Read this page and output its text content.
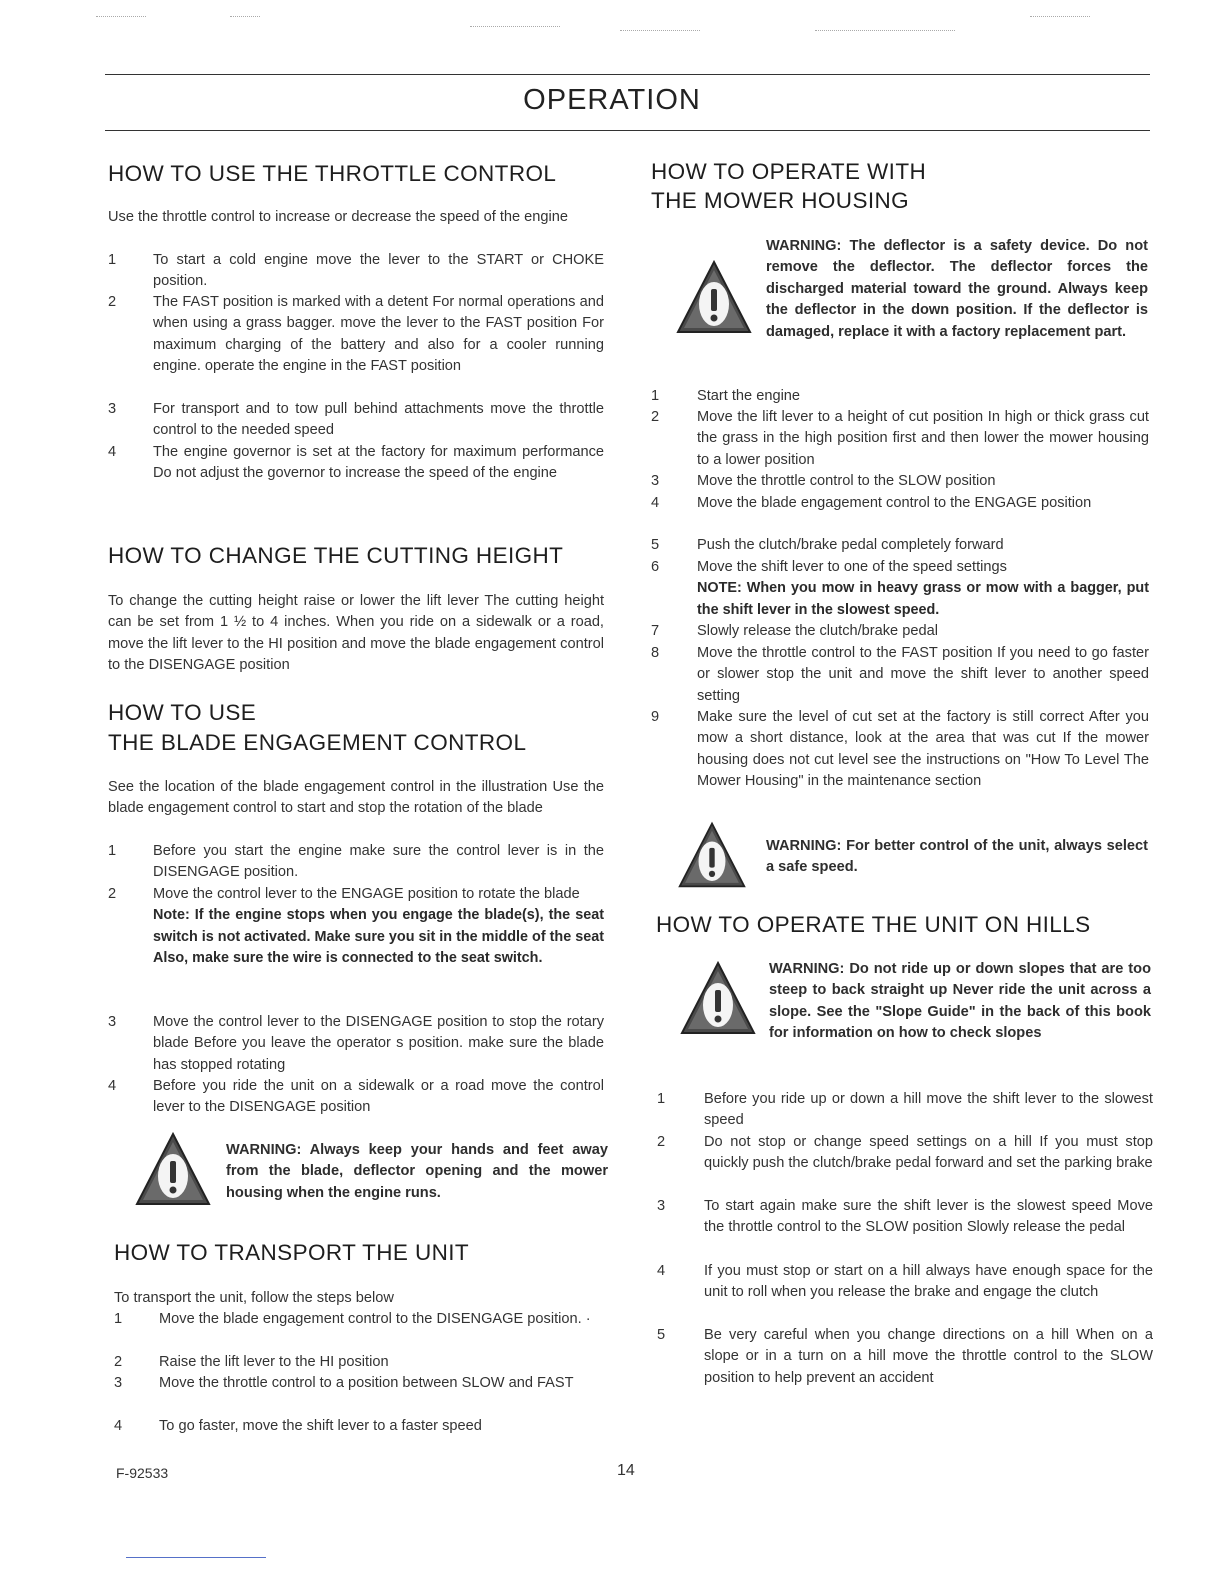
OPERATION
HOW TO USE THE THROTTLE CONTROL

Use the throttle control to increase or decrease the speed of the engine

1	To start a cold engine move the lever to the START or CHOKE position.
2	The FAST position is marked with a detent For normal operations and when using a grass bagger. move the lever to the FAST position For maximum charging of the battery and also for a cooler running engine. operate the engine in the FAST position
3	For transport and to tow pull behind attachments move the throttle control to the needed speed
4	The engine governor is set at the factory for maximum performance Do not adjust the governor to increase the speed of the engine
HOW TO CHANGE THE CUTTING HEIGHT

To change the cutting height raise or lower the lift lever The cutting height can be set from 1 ½ to 4 inches. When you ride on a sidewalk or a road, move the lift lever to the HI position and move the blade engagement control to the DISENGAGE position

HOW TO USE
THE BLADE ENGAGEMENT CONTROL

See the location of the blade engagement control in the illustration Use the blade engagement control to start and stop the rotation of the blade

1	Before you start the engine make sure the control lever is in the DISENGAGE position.
2	Move the control lever to the ENGAGE position to rotate the blade
Note: If the engine stops when you engage the blade(s), the seat switch is not activated. Make sure you sit in the middle of the seat Also, make sure the wire is connected to the seat switch.
3	Move the control lever to the DISENGAGE position to stop the rotary blade Before you leave the operator s position. make sure the blade has stopped rotating
4	Before you ride the unit on a sidewalk or a road move the control lever to the DISENGAGE position
WARNING: Always keep your hands and feet away from the blade, deflector opening and the mower housing when the engine runs.
HOW TO TRANSPORT THE UNIT

To transport the unit, follow the steps below

1	Move the blade engagement control to the DISENGAGE position. ·
2	Raise the lift lever to the HI position
3	Move the throttle control to a position between SLOW and FAST
4	To go faster, move the shift lever to a faster speed
HOW TO OPERATE WITH
THE MOWER HOUSING
WARNING: The deflector is a safety device. Do not remove the deflector. The deflector forces the discharged material toward the ground. Always keep the deflector in the down position. If the deflector is damaged, replace it with a factory replacement part.
1	Start the engine
2	Move the lift lever to a height of cut position In high or thick grass cut the grass in the high position first and then lower the mower housing to a lower position
3	Move the throttle control to the SLOW position
4	Move the blade engagement control to the ENGAGE position
5	Push the clutch/brake pedal completely forward
6	Move the shift lever to one of the speed settings
NOTE: When you mow in heavy grass or mow with a bagger, put the shift lever in the slowest speed.
7	Slowly release the clutch/brake pedal
8	Move the throttle control to the FAST position If you need to go faster or slower stop the unit and move the shift lever to another speed setting
9	Make sure the level of cut set at the factory is still correct After you mow a short distance, look at the area that was cut If the mower housing does not cut level see the instructions on "How To Level The Mower Housing" in the maintenance section
WARNING: For better control of the unit, always select a safe speed.
HOW TO OPERATE THE UNIT ON HILLS
WARNING: Do not ride up or down slopes that are too steep to back straight up Never ride the unit across a slope. See the "Slope Guide" in the back of this book for information on how to check slopes
1	Before you ride up or down a hill move the shift lever to the slowest speed
2	Do not stop or change speed settings on a hill If you must stop quickly push the clutch/brake pedal forward and set the parking brake
3	To start again make sure the shift lever is the slowest speed Move the throttle control to the SLOW position Slowly release the pedal
4	If you must stop or start on a hill always have enough space for the unit to roll when you release the brake and engage the clutch
5	Be very careful when you change directions on a hill When on a slope or in a turn on a hill move the throttle control to the SLOW position to help prevent an accident
F-92533	14
